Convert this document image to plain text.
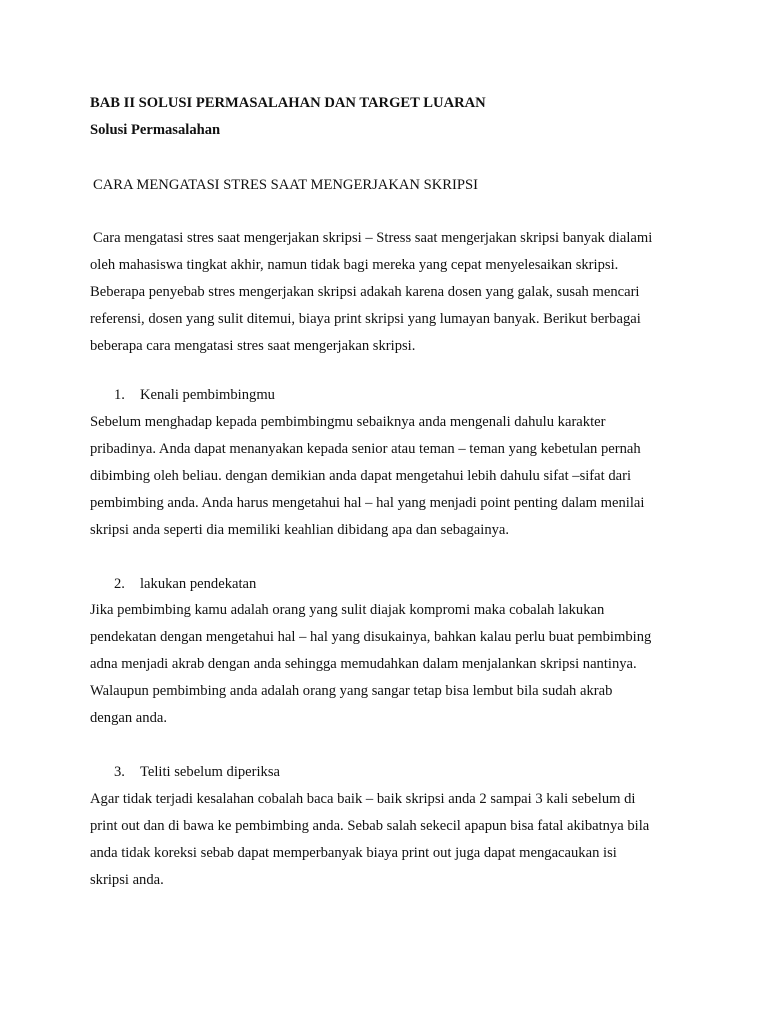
BAB II SOLUSI PERMASALAHAN DAN TARGET LUARAN

Solusi Permasalahan

CARA MENGATASI STRES SAAT MENGERJAKAN SKRIPSI

Cara mengatasi stres saat mengerjakan skripsi – Stress saat mengerjakan skripsi banyak dialami

oleh mahasiswa tingkat akhir, namun tidak bagi mereka yang cepat menyelesaikan skripsi.

Beberapa penyebab stres mengerjakan skripsi adakah karena dosen yang galak, susah mencari

referensi, dosen yang sulit ditemui, biaya print skripsi yang lumayan banyak. Berikut berbagai

beberapa cara mengatasi stres saat mengerjakan skripsi.

1. Kenali pembimbingmu

Sebelum menghadap kepada pembimbingmu sebaiknya anda mengenali dahulu karakter

pribadinya. Anda dapat menanyakan kepada senior atau teman – teman yang kebetulan pernah

dibimbing oleh beliau. dengan demikian anda dapat mengetahui lebih dahulu sifat –sifat dari

pembimbing anda. Anda harus mengetahui hal – hal yang menjadi point penting dalam menilai

skripsi anda seperti dia memiliki keahlian dibidang apa dan sebagainya.

2. lakukan pendekatan

Jika pembimbing kamu adalah orang yang sulit diajak kompromi maka cobalah lakukan

pendekatan dengan mengetahui hal – hal yang disukainya, bahkan kalau perlu buat pembimbing

adna menjadi akrab dengan anda sehingga memudahkan dalam menjalankan skripsi nantinya.

Walaupun pembimbing anda adalah orang yang sangar tetap bisa lembut bila sudah akrab

dengan anda.

3. Teliti sebelum diperiksa

Agar tidak terjadi kesalahan cobalah baca baik – baik skripsi anda 2 sampai 3 kali sebelum di

print out dan di bawa ke pembimbing anda. Sebab salah sekecil apapun bisa fatal akibatnya bila

anda tidak koreksi sebab dapat memperbanyak biaya print out juga dapat mengacaukan isi

skripsi anda.
